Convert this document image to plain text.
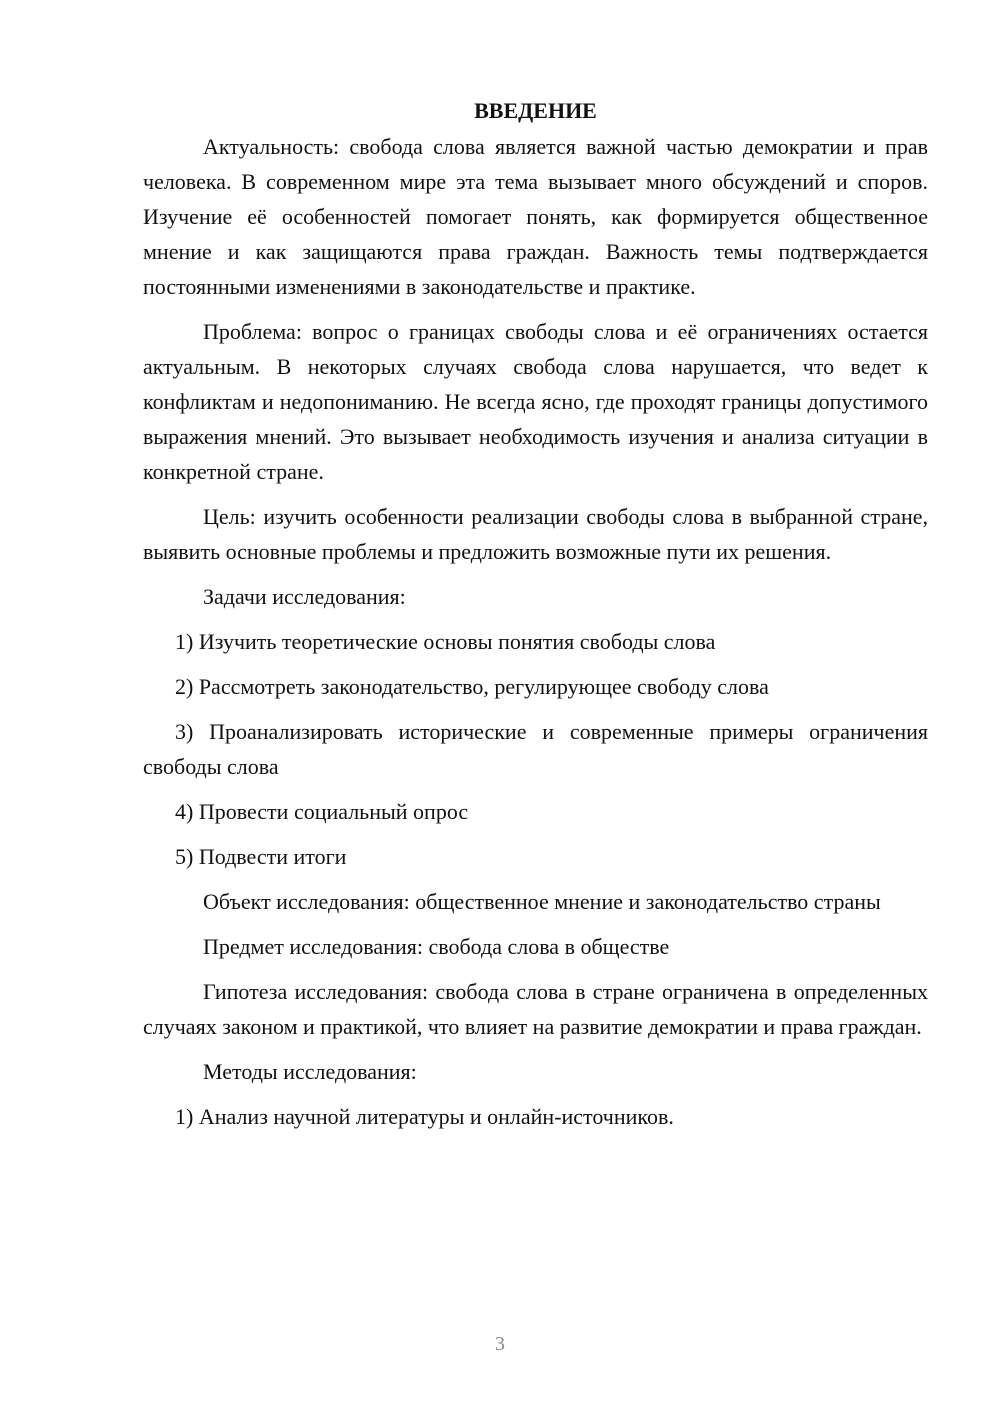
ВВЕДЕНИЕ

Актуальность: свобода слова является важной частью демократии и прав человека. В современном мире эта тема вызывает много обсуждений и споров. Изучение её особенностей помогает понять, как формируется общественное мнение и как защищаются права граждан. Важность темы подтверждается постоянными изменениями в законодательстве и практике.

Проблема: вопрос о границах свободы слова и её ограничениях остается актуальным. В некоторых случаях свобода слова нарушается, что ведет к конфликтам и недопониманию. Не всегда ясно, где проходят границы допустимого выражения мнений. Это вызывает необходимость изучения и анализа ситуации в конкретной стране.

Цель: изучить особенности реализации свободы слова в выбранной стране, выявить основные проблемы и предложить возможные пути их решения.

Задачи исследования:

1) Изучить теоретические основы понятия свободы слова

2) Рассмотреть законодательство, регулирующее свободу слова

3) Проанализировать исторические и современные примеры ограничения свободы слова

4) Провести социальный опрос

5) Подвести итоги

Объект исследования: общественное мнение и законодательство страны

Предмет исследования: свобода слова в обществе

Гипотеза исследования: свобода слова в стране ограничена в определенных случаях законом и практикой, что влияет на развитие демократии и права граждан.

Методы исследования:

1) Анализ научной литературы и онлайн-источников.

3
